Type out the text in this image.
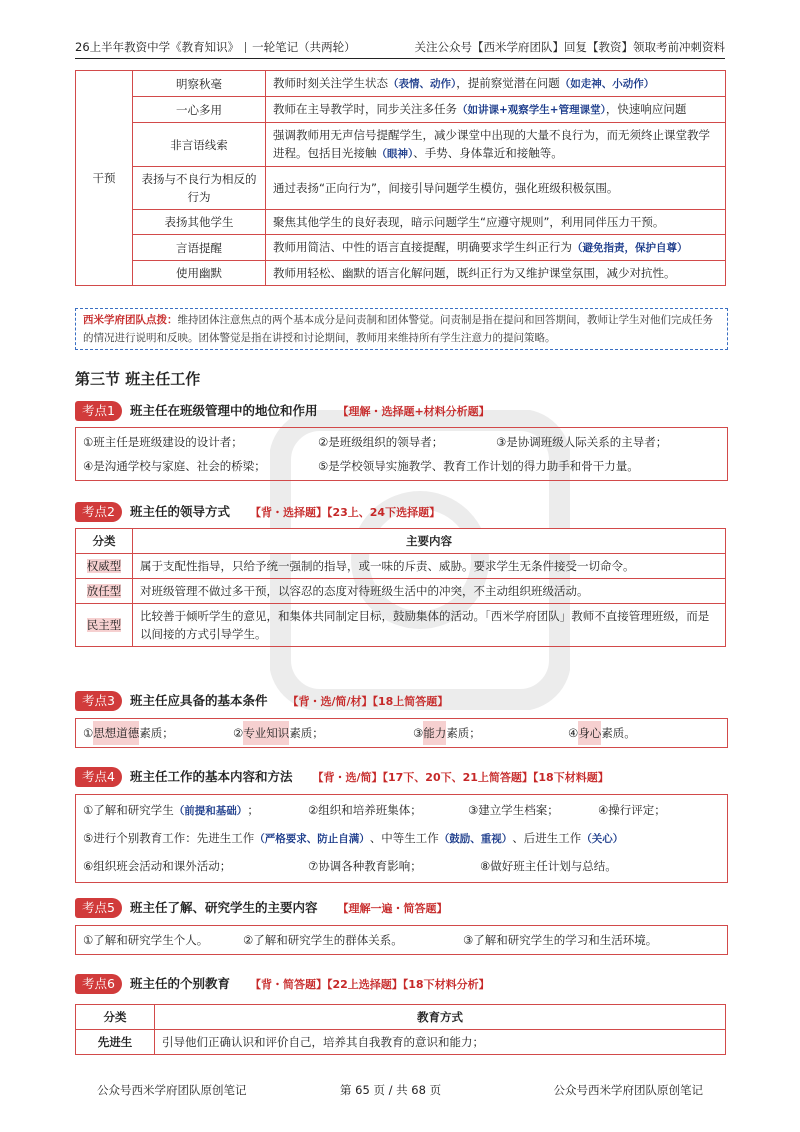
26上半年教资中学《教育知识》 一轮笔记（共两轮）	关注公众号【西米学府团队】回复【教资】领取考前冲刺资料
干预	明察秋毫	教师时刻关注学生状态（表情、动作），提前察觉潜在问题（如走神、小动作）
	一心多用	教师在主导教学时，同步关注多任务（如讲课+观察学生+管理课堂），快速响应问题
	非言语线索	强调教师用无声信号提醒学生，减少课堂中出现的大量不良行为，而无须终止课堂教学进程。包括目光接触（眼神）、手势、身体靠近和接触等。
	表扬与不良行为相反的行为	通过表扬“正向行为”，间接引导问题学生模仿，强化班级积极氛围。
	表扬其他学生	聚焦其他学生的良好表现，暗示问题学生“应遵守规则”，利用同伴压力干预。
	言语提醒	教师用简洁、中性的语言直接提醒，明确要求学生纠正行为（避免指责，保护自尊）
	使用幽默	教师用轻松、幽默的语言化解问题，既纠正行为又维护课堂氛围，减少对抗性。
西米学府团队点拨：维持团体注意焦点的两个基本成分是问责制和团体警觉。问责制是指在提问和回答期间，教师让学生对他们完成任务的情况进行说明和反映。团体警觉是指在讲授和讨论期间，教师用来维持所有学生注意力的提问策略。
第三节 班主任工作
考点1 班主任在班级管理中的地位和作用 【理解・选择题+材料分析题】
①班主任是班级建设的设计者；	②是班级组织的领导者；	③是协调班级人际关系的主导者；
④是沟通学校与家庭、社会的桥梁；	⑤是学校领导实施教学、教育工作计划的得力助手和骨干力量。
考点2 班主任的领导方式 【背・选择题】【23上、24下选择题】
分类	主要内容
权威型	属于支配性指导，只给予统一强制的指导，或一味的斥责、威胁。要求学生无条件接受一切命令。
放任型	对班级管理不做过多干预，以容忍的态度对待班级生活中的冲突，不主动组织班级活动。
民主型	比较善于倾听学生的意见，和集体共同制定目标，鼓励集体的活动。「西米学府团队」教师不直接管理班级，而是以间接的方式引导学生。
考点3 班主任应具备的基本条件 【背・选/简/材】【18上简答题】
①思想道德素质；	②专业知识素质；	③能力素质；	④身心素质。
考点4 班主任工作的基本内容和方法 【背・选/简】【17下、20下、21上简答题】【18下材料题】
①了解和研究学生（前提和基础）；	②组织和培养班集体；	③建立学生档案；	④操行评定；
⑤进行个别教育工作：先进生工作（严格要求、防止自满）、中等生工作（鼓励、重视）、后进生工作（关心）
⑥组织班会活动和课外活动；	⑦协调各种教育影响；	⑧做好班主任计划与总结。
考点5 班主任了解、研究学生的主要内容 【理解一遍・简答题】
①了解和研究学生个人。	②了解和研究学生的群体关系。	③了解和研究学生的学习和生活环境。
考点6 班主任的个别教育 【背・简答题】【22上选择题】【18下材料分析】
分类	教育方式
先进生	引导他们正确认识和评价自己，培养其自我教育的意识和能力；
公众号西米学府团队原创笔记	第 65 页 / 共 68 页	公众号西米学府团队原创笔记
